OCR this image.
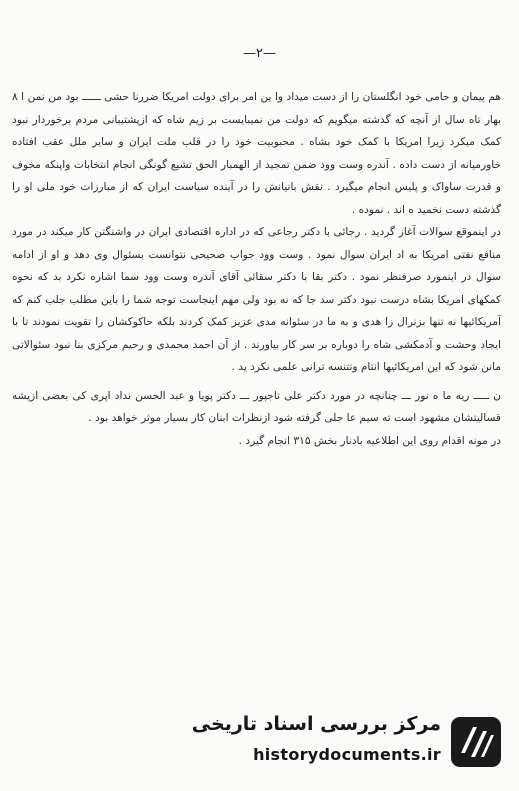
—۲—

هم پیمان و حامی خود انگلستان را از دست میداد وا ین امر برای دولت امریکا ضررنا حشی ــــــ بود من نمن ا ۸ بهار تاه سال از آنچه که گذشته میگویم که دولت من نمیبایست بر زیم شاه که ازپشتیبانی مردم برخوردار نبود کمک میکرد زیرا امریکا با کمک خود بشاه . محبوبیت خود را در قلب ملت ایران و سایر ملل عقب افتاده خاورمیانه از دست داده . آندره وست وود ضمن تمجید از الهمبار الحق تشیع گونگی انجام انتخابات واپنکه مخوف و قدرت ساواک و پلیس انجام میگیرد . نقش بانیانش را در آینده سیاست ایران که از مبارزات خود ملی او را گذشته دست نخمید ه اند . نموده .

در اینموقع سوالات آغاز گردید . رجائی با دکتر رجاعی که در اداره اقتصادی ایران در واشنگتن کار میکند در مورد منافع نفتی امریکا به اد ایران سوال نمود . وست وود جواب صحیحی نتوانست بسئوال وی دهد و او از ادامه سوال در اینمورد صرفنظر نمود . دکتر بقا با دکتر سقائی آقای آندره وست وود سما اشاره نکرد بد که نحوه کمکهای امریکا بشاه درست نبود دکتر سد جا که نه بود ولی مهم اینجاست توجه شما را باین مطلب جلب کنم که آمریکائیها نه تنها بزنرال زا هدی و به ما در سئوانه مدی عزیز کمک کردند بلکه حاکوکشان را تقویت نمودند تا با ایجاد وحشت و آدمکشی شاه را دوباره بر سر کار بیاورند . از آن احمد محمدی و رحیم مرکزی بنا نبود سئوالاتی مانن شود که این امریکائیها انتام وتتنسه ترانی علمی نکرد ید .

ن ـــــ ریه ما ه نور ـــ چنانچه در مورد دکتر علی تاجپور ـــ دکتر پویا و عبد الحسن نداد اپری کی بعضی ازپشه قسالیتشان مشهود است ته سیم عا جلی گرفته شود ازنظرات ابنان کار بسیار موثر خواهد بود .

در مونه اقدام روی این اطلاعیه بادنار بخش ۳۱۵ انجام گیرد .

مرکز بررسی اسناد تاریخی
historydocuments.ir
